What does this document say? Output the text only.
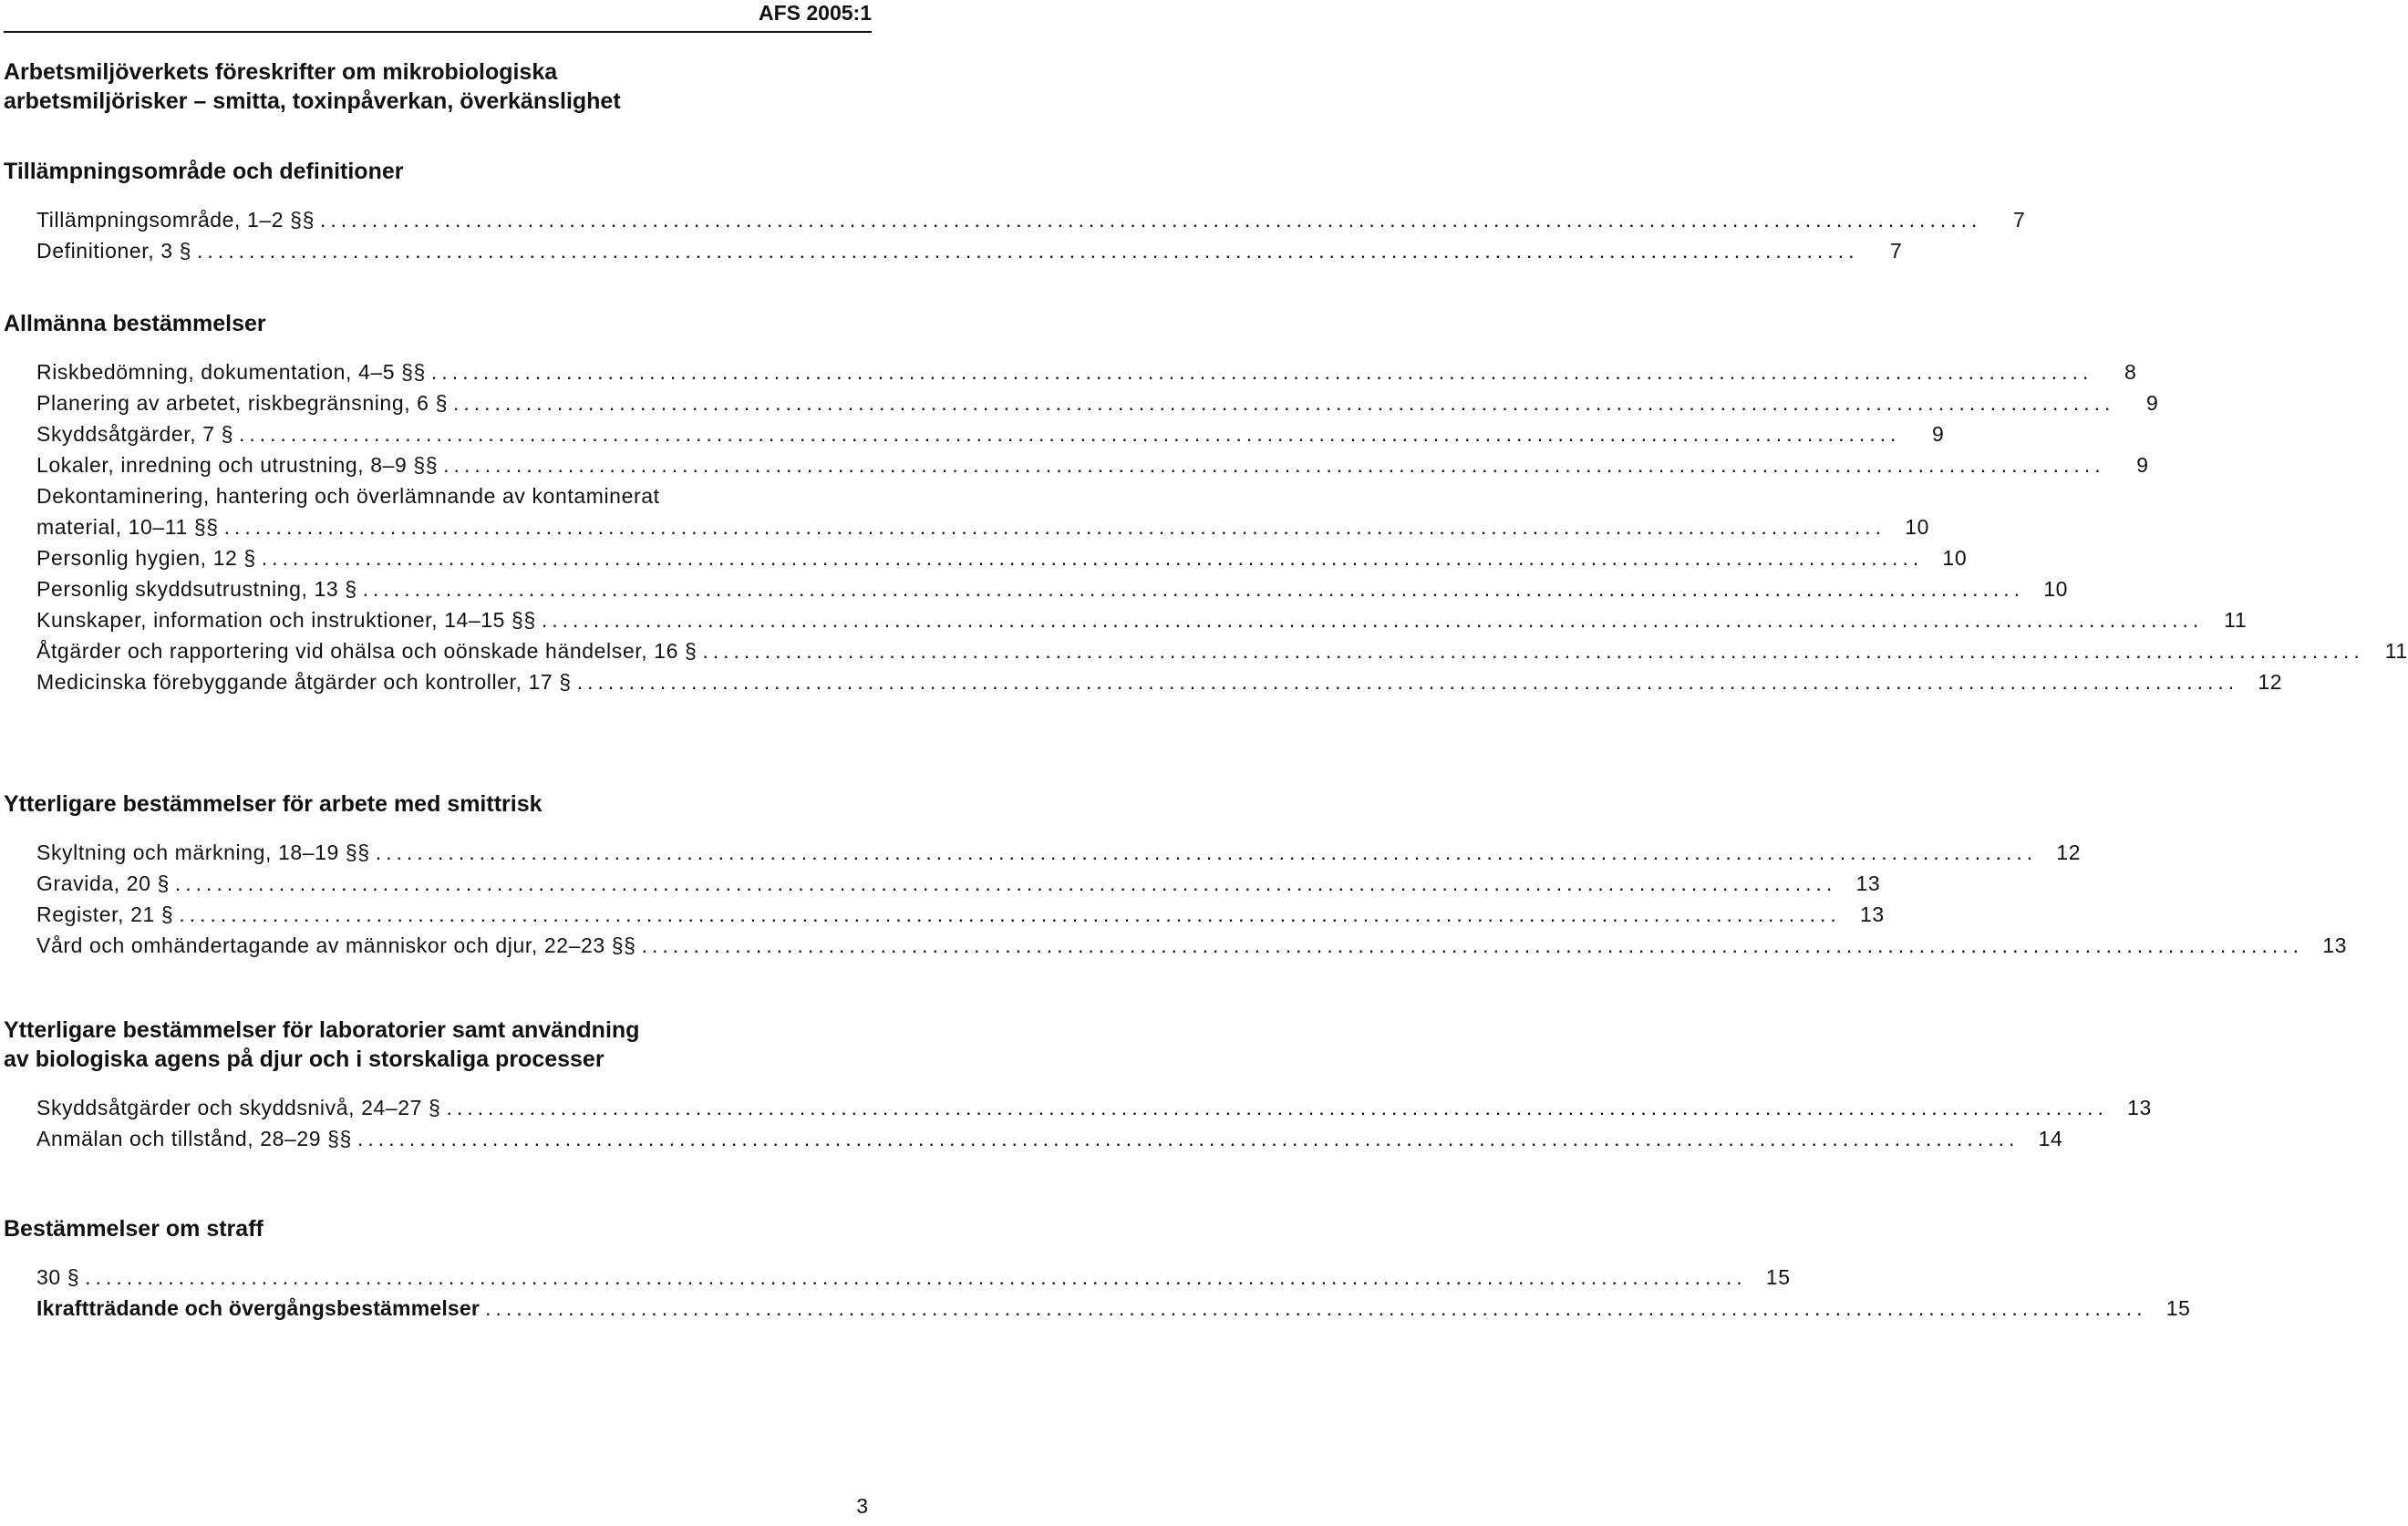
AFS 2005:1
Arbetsmiljöverkets föreskrifter om mikrobiologiska
arbetsmiljörisker – smitta, toxinpåverkan, överkänslighet
Tillämpningsområde och definitioner
Tillämpningsområde, 1–2 §§ ................................................................................................................................................................	7
Definitioner, 3 § ................................................................................................................................................................	7
Allmänna bestämmelser
Riskbedömning, dokumentation, 4–5 §§ ................................................................................................................................................................	8
Planering av arbetet, riskbegränsning, 6 § ................................................................................................................................................................	9
Skyddsåtgärder, 7 § ................................................................................................................................................................	9
Lokaler, inredning och utrustning, 8–9 §§ ................................................................................................................................................................	9
Dekontaminering, hantering och överlämnande av kontaminerat
material, 10–11 §§ ................................................................................................................................................................ 10
Personlig hygien, 12 § ................................................................................................................................................................ 10
Personlig skyddsutrustning, 13 § ................................................................................................................................................................ 10
Kunskaper, information och instruktioner, 14–15 §§ ................................................................................................................................................................ 11
Åtgärder och rapportering vid ohälsa och oönskade händelser, 16 § ................................................................................................................................................................ 11
Medicinska förebyggande åtgärder och kontroller, 17 § ................................................................................................................................................................ 12
Ytterligare bestämmelser för arbete med smittrisk
Skyltning och märkning, 18–19 §§ ................................................................................................................................................................ 12
Gravida, 20 § ................................................................................................................................................................ 13
Register, 21 § ................................................................................................................................................................ 13
Vård och omhändertagande av människor och djur, 22–23 §§ ................................................................................................................................................................ 13
Ytterligare bestämmelser för laboratorier samt användning
av biologiska agens på djur och i storskaliga processer
Skyddsåtgärder och skyddsnivå, 24–27 § ................................................................................................................................................................ 13
Anmälan och tillstånd, 28–29 §§ ................................................................................................................................................................ 14
Bestämmelser om straff
30 § ................................................................................................................................................................ 15
Ikraftträdande och övergångsbestämmelser ................................................................................................................................................................ 15
3
